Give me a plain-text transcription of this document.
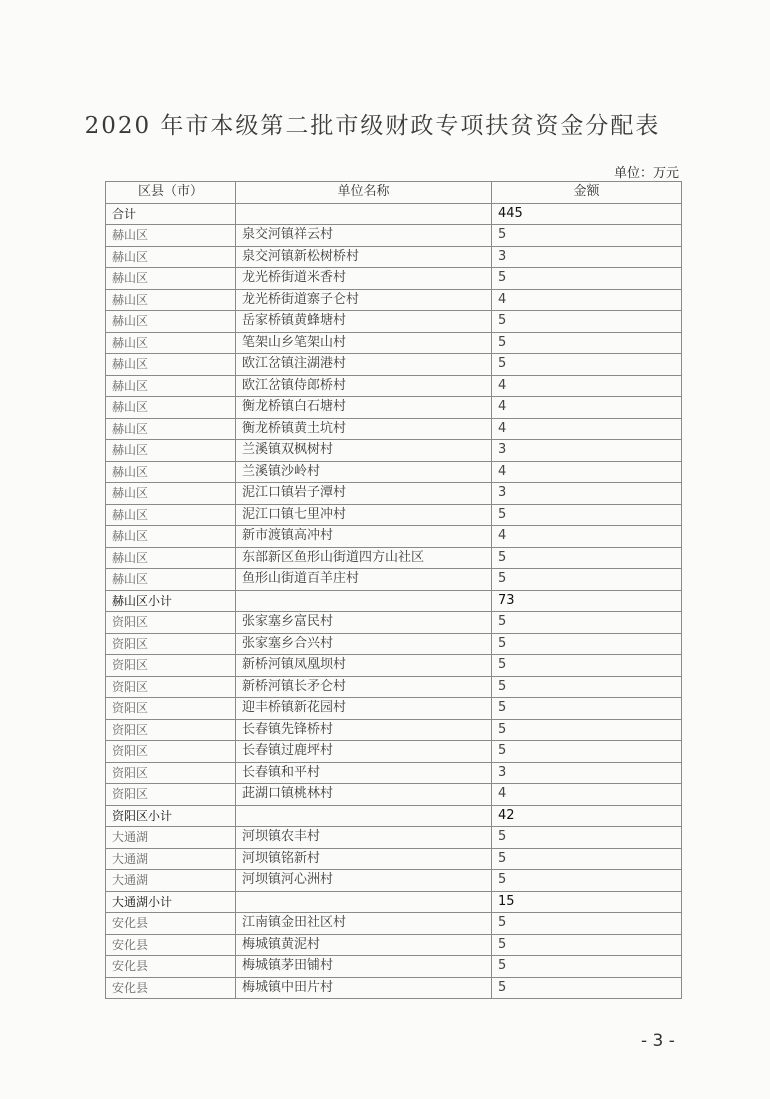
2020 年市本级第二批市级财政专项扶贫资金分配表
单位：万元
区县（市）	单位名称	金额
合计		445
赫山区	泉交河镇祥云村	5
赫山区	泉交河镇新松树桥村	3
赫山区	龙光桥街道米香村	5
赫山区	龙光桥街道寨子仑村	4
赫山区	岳家桥镇黄蜂塘村	5
赫山区	笔架山乡笔架山村	5
赫山区	欧江岔镇注湖港村	5
赫山区	欧江岔镇侍郎桥村	4
赫山区	衡龙桥镇白石塘村	4
赫山区	衡龙桥镇黄土坑村	4
赫山区	兰溪镇双枫树村	3
赫山区	兰溪镇沙岭村	4
赫山区	泥江口镇岩子潭村	3
赫山区	泥江口镇七里冲村	5
赫山区	新市渡镇高冲村	4
赫山区	东部新区鱼形山街道四方山社区	5
赫山区	鱼形山街道百羊庄村	5
赫山区小计		73
资阳区	张家塞乡富民村	5
资阳区	张家塞乡合兴村	5
资阳区	新桥河镇凤凰坝村	5
资阳区	新桥河镇长矛仑村	5
资阳区	迎丰桥镇新花园村	5
资阳区	长春镇先锋桥村	5
资阳区	长春镇过鹿坪村	5
资阳区	长春镇和平村	3
资阳区	茈湖口镇桃林村	4
资阳区小计		42
大通湖	河坝镇农丰村	5
大通湖	河坝镇铭新村	5
大通湖	河坝镇河心洲村	5
大通湖小计		15
安化县	江南镇金田社区村	5
安化县	梅城镇黄泥村	5
安化县	梅城镇茅田铺村	5
安化县	梅城镇中田片村	5
- 3 -
